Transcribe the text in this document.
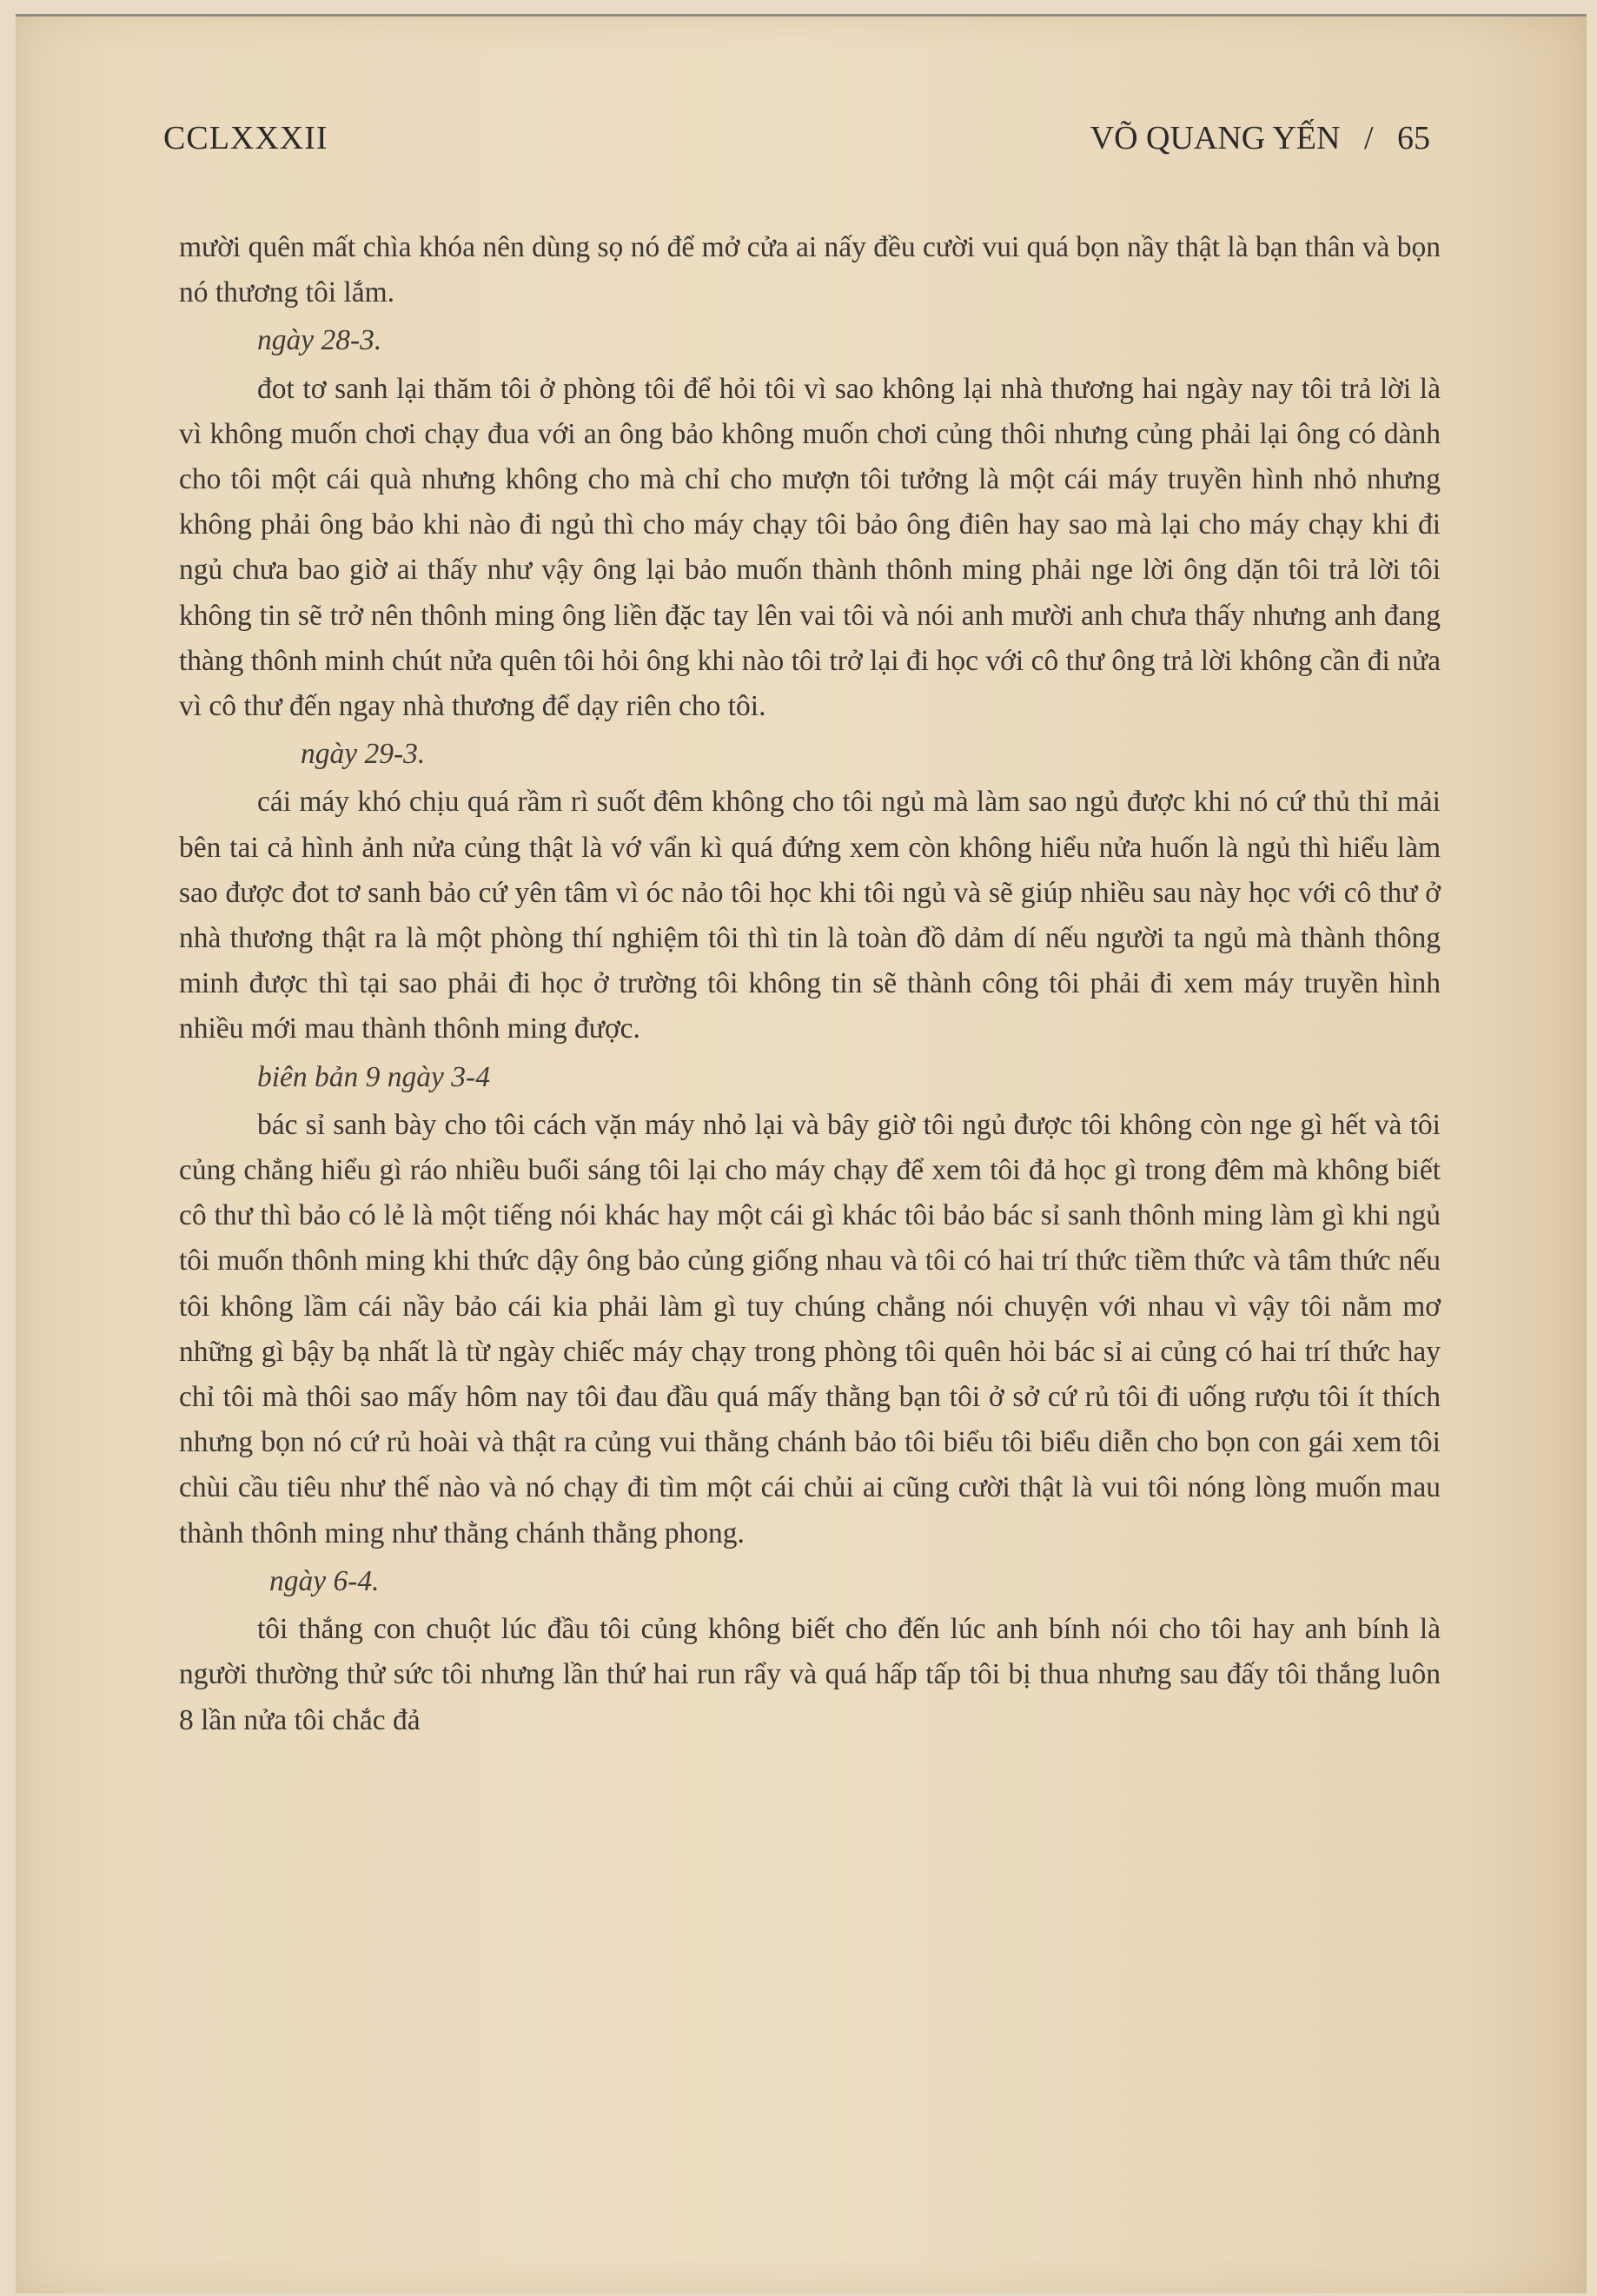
CCLXXXII	VÕ QUANG YẾN / 65

mười quên mất chìa khóa nên dùng sọ nó để mở cửa ai nấy đều cười vui quá bọn nầy thật là bạn thân và bọn nó thương tôi lắm.

ngày 28-3.

đot tơ sanh lại thăm tôi ở phòng tôi để hỏi tôi vì sao không lại nhà thương hai ngày nay tôi trả lời là vì không muốn chơi chạy đua với an ông bảo không muốn chơi củng thôi nhưng củng phải lại ông có dành cho tôi một cái quà nhưng không cho mà chỉ cho mượn tôi tưởng là một cái máy truyền hình nhỏ nhưng không phải ông bảo khi nào đi ngủ thì cho máy chạy tôi bảo ông điên hay sao mà lại cho máy chạy khi đi ngủ chưa bao giờ ai thấy như vậy ông lại bảo muốn thành thônh ming phải nge lời ông dặn tôi trả lời tôi không tin sẽ trở nên thônh ming ông liền đặc tay lên vai tôi và nói anh mười anh chưa thấy nhưng anh đang thàng thônh minh chút nửa quên tôi hỏi ông khi nào tôi trở lại đi học với cô thư ông trả lời không cần đi nửa vì cô thư đến ngay nhà thương để dạy riên cho tôi.

ngày 29-3.

cái máy khó chịu quá rầm rì suốt đêm không cho tôi ngủ mà làm sao ngủ được khi nó cứ thủ thỉ mải bên tai cả hình ảnh nửa củng thật là vớ vẩn kì quá đứng xem còn không hiểu nửa huốn là ngủ thì hiểu làm sao được đot tơ sanh bảo cứ yên tâm vì óc nảo tôi học khi tôi ngủ và sẽ giúp nhiều sau này học với cô thư ở nhà thương thật ra là một phòng thí nghiệm tôi thì tin là toàn đồ dảm dí nếu người ta ngủ mà thành thông minh được thì tại sao phải đi học ở trường tôi không tin sẽ thành công tôi phải đi xem máy truyền hình nhiều mới mau thành thônh ming được.

biên bản 9 ngày 3-4

bác sỉ sanh bày cho tôi cách vặn máy nhỏ lại và bây giờ tôi ngủ được tôi không còn nge gì hết và tôi củng chẳng hiểu gì ráo nhiều buổi sáng tôi lại cho máy chạy để xem tôi đả học gì trong đêm mà không biết cô thư thì bảo có lẻ là một tiếng nói khác hay một cái gì khác tôi bảo bác sỉ sanh thônh ming làm gì khi ngủ tôi muốn thônh ming khi thức dậy ông bảo củng giống nhau và tôi có hai trí thức tiềm thức và tâm thức nếu tôi không lầm cái nầy bảo cái kia phải làm gì tuy chúng chẳng nói chuyện với nhau vì vậy tôi nằm mơ những gì bậy bạ nhất là từ ngày chiếc máy chạy trong phòng tôi quên hỏi bác sỉ ai củng có hai trí thức hay chỉ tôi mà thôi sao mấy hôm nay tôi đau đầu quá mấy thằng bạn tôi ở sở cứ rủ tôi đi uống rượu tôi ít thích nhưng bọn nó cứ rủ hoài và thật ra củng vui thằng chánh bảo tôi biểu tôi biểu diễn cho bọn con gái xem tôi chùi cầu tiêu như thế nào và nó chạy đi tìm một cái chủi ai cũng cười thật là vui tôi nóng lòng muốn mau thành thônh ming như thằng chánh thằng phong.

ngày 6-4.

tôi thắng con chuột lúc đầu tôi củng không biết cho đến lúc anh bính nói cho tôi hay anh bính là người thường thử sức tôi nhưng lần thứ hai run rẩy và quá hấp tấp tôi bị thua nhưng sau đấy tôi thắng luôn 8 lần nửa tôi chắc đả
